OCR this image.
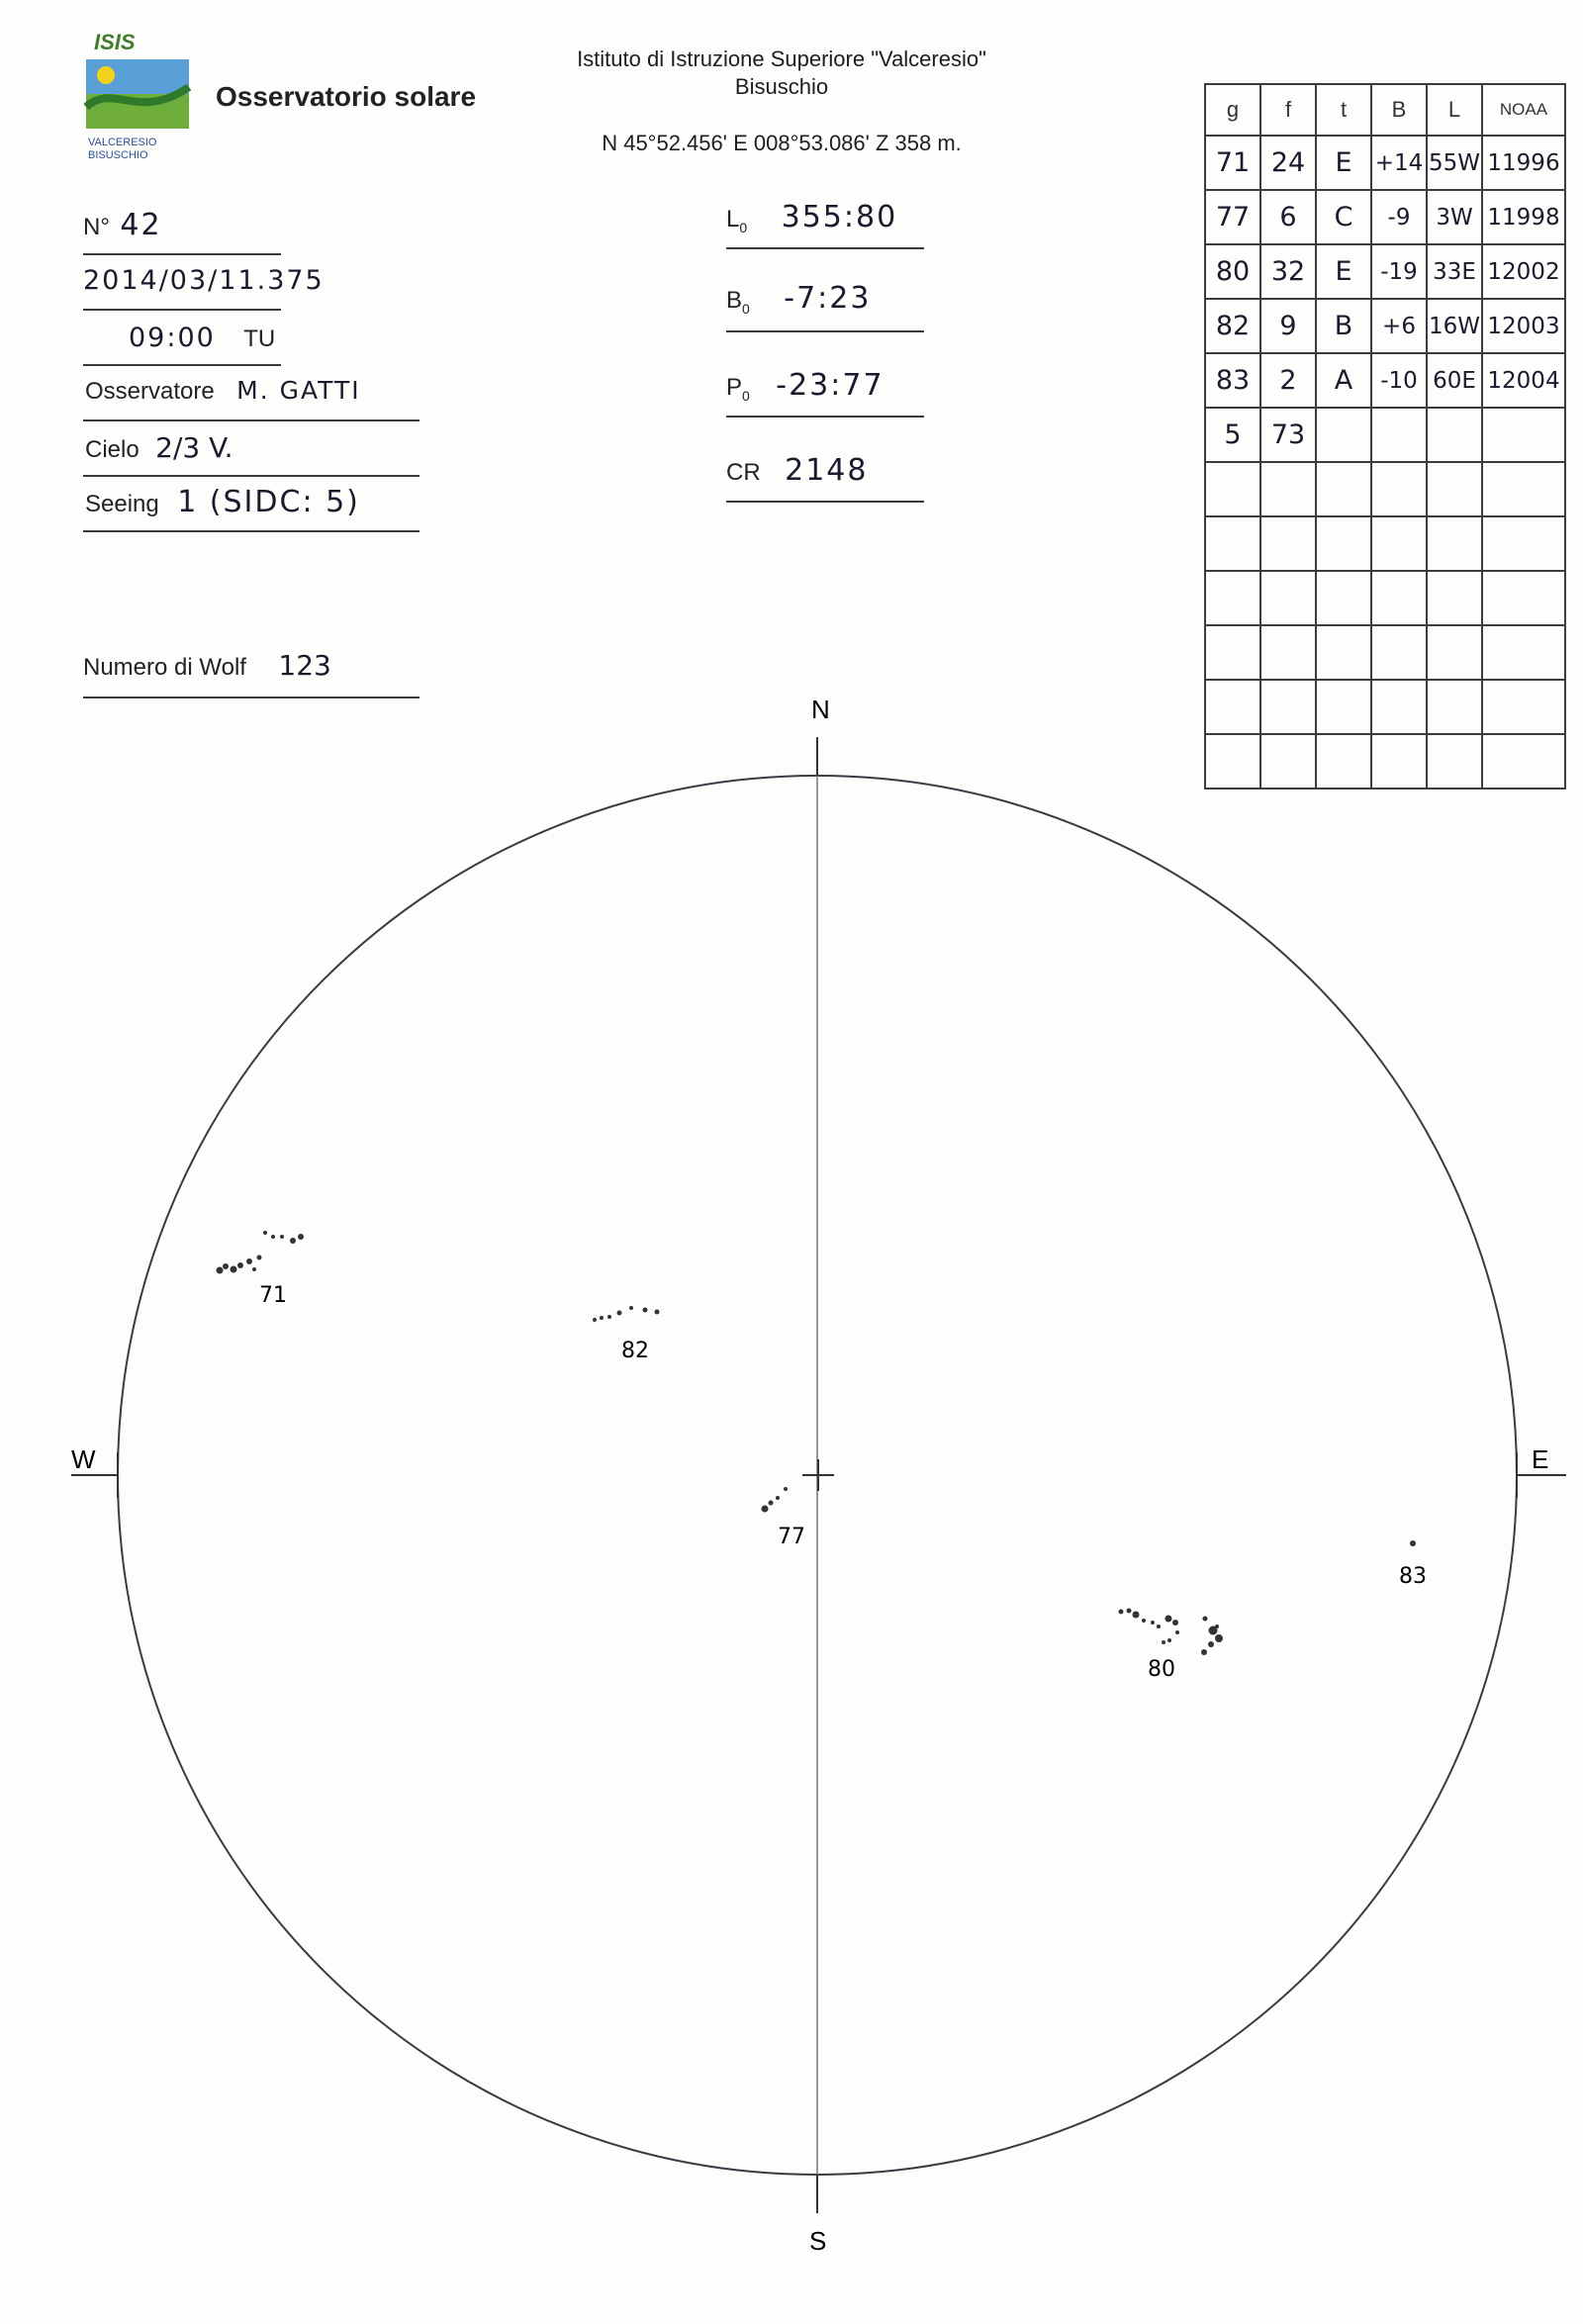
ISIS
VALCERESIO
BISUSCHIO
Osservatorio solare
Istituto di Istruzione Superiore "Valceresio"
Bisuschio
N 45°52.456' E 008°53.086' Z 358 m.
N° 42
2014/03/11.375
09:00 TU
Osservatore M. GATTI
Cielo 2/3 V.
Seeing 1 (SIDC: 5)
Numero di Wolf 123
$L_0$ 355:80
$B_0$ -7:23
$P_0$ -23:77
CR 2148
g	f	t	B	L	NOAA
71	24	E	+14	55W	11996
77	6	C	-9	3W	11998
80	32	E	-19	33E	12002
82	9	B	+6	16W	12003
83	2	A	-10	60E	12004
5	73				

N
S
W	E
71
82
77
80
83
